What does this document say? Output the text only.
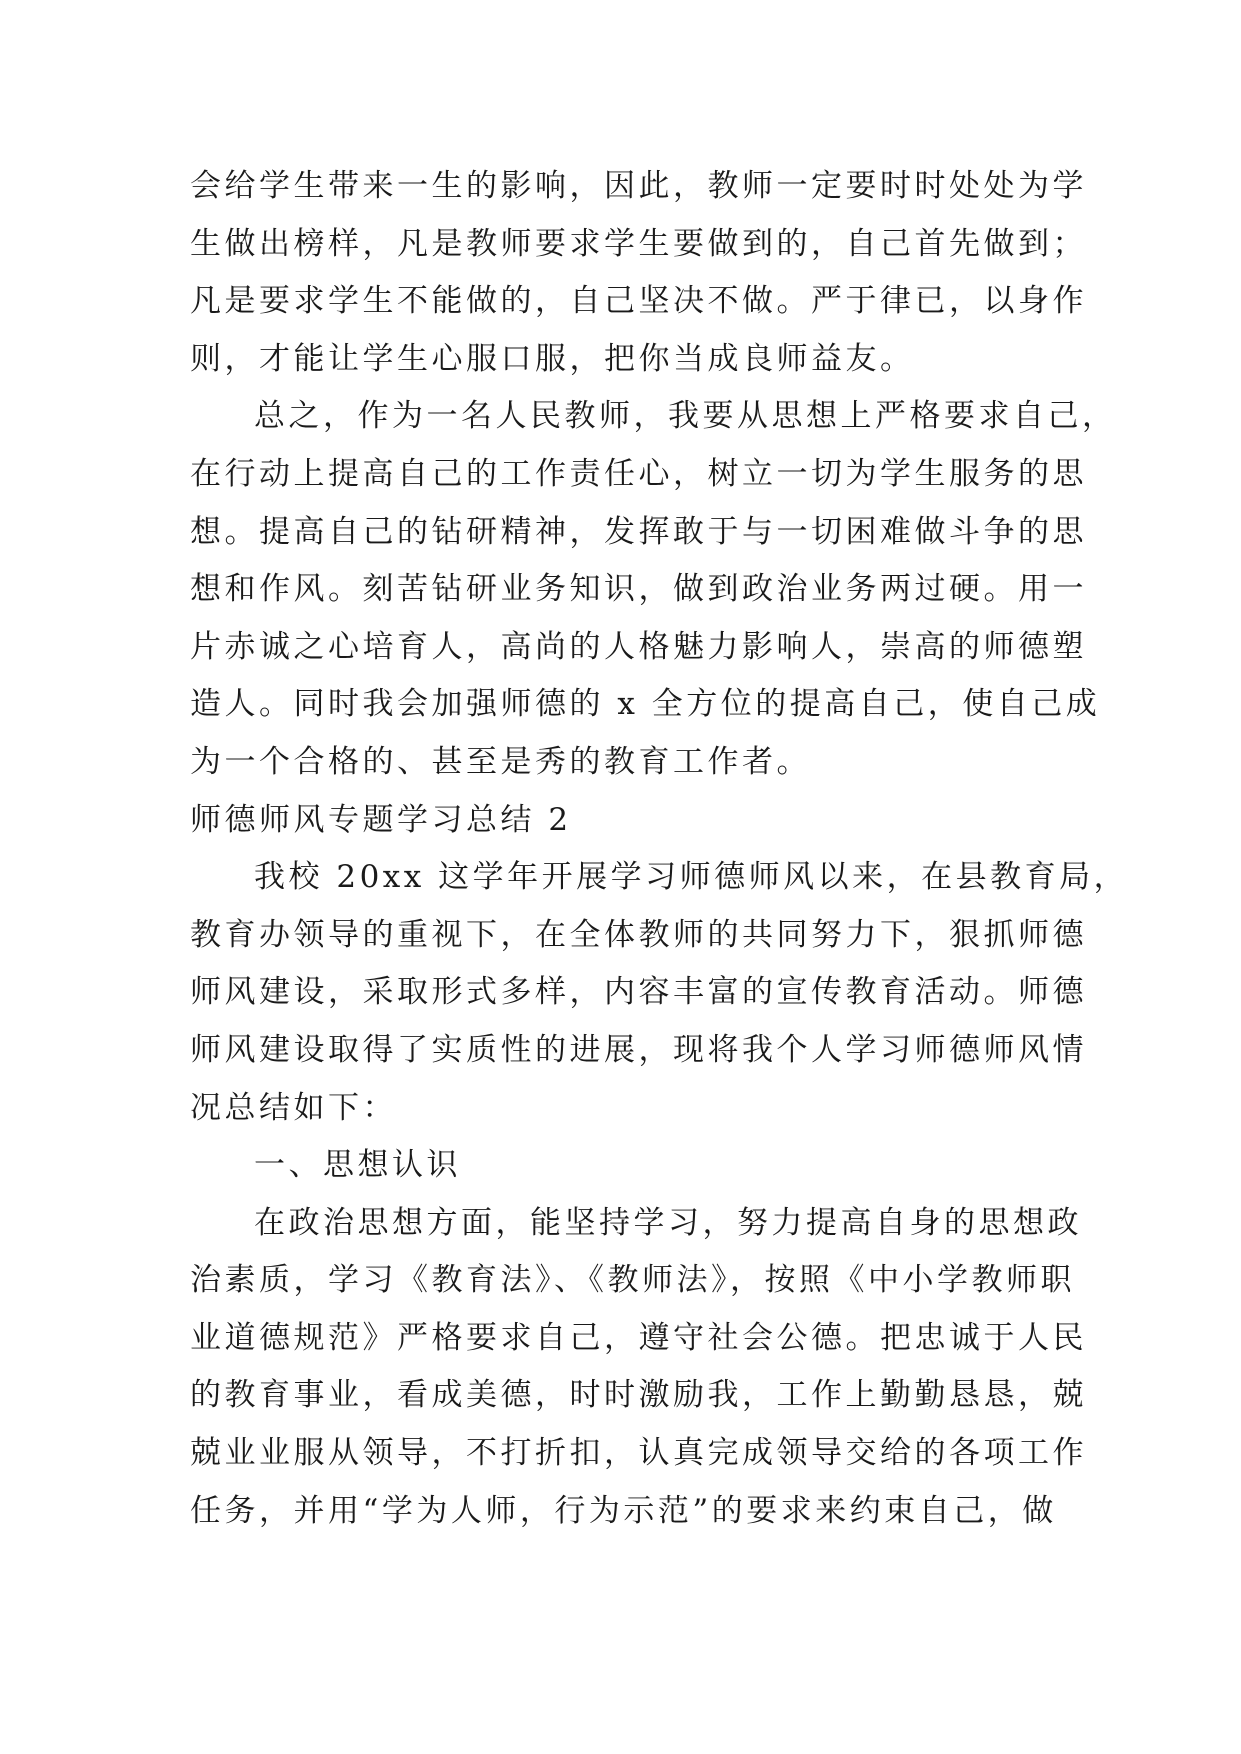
会给学生带来一生的影响，因此，教师一定要时时处处为学
生做出榜样，凡是教师要求学生要做到的，自己首先做到；
凡是要求学生不能做的，自己坚决不做。严于律已，以身作
则，才能让学生心服口服，把你当成良师益友。
总之，作为一名人民教师，我要从思想上严格要求自己，
在行动上提高自己的工作责任心，树立一切为学生服务的思
想。提高自己的钻研精神，发挥敢于与一切困难做斗争的思
想和作风。刻苦钻研业务知识，做到政治业务两过硬。用一
片赤诚之心培育人，高尚的人格魅力影响人，崇高的师德塑
造人。同时我会加强师德的 x 全方位的提高自己，使自己成
为一个合格的、甚至是秀的教育工作者。
师德师风专题学习总结 2
我校 20xx 这学年开展学习师德师风以来，在县教育局，
教育办领导的重视下，在全体教师的共同努力下，狠抓师德
师风建设，采取形式多样，内容丰富的宣传教育活动。师德
师风建设取得了实质性的进展，现将我个人学习师德师风情
况总结如下：
一、思想认识
在政治思想方面，能坚持学习，努力提高自身的思想政
治素质，学习《教育法》、《教师法》，按照《中小学教师职
业道德规范》严格要求自己，遵守社会公德。把忠诚于人民
的教育事业，看成美德，时时激励我，工作上勤勤恳恳，兢
兢业业服从领导，不打折扣，认真完成领导交给的各项工作
任务，并用“学为人师，行为示范”的要求来约束自己，做
